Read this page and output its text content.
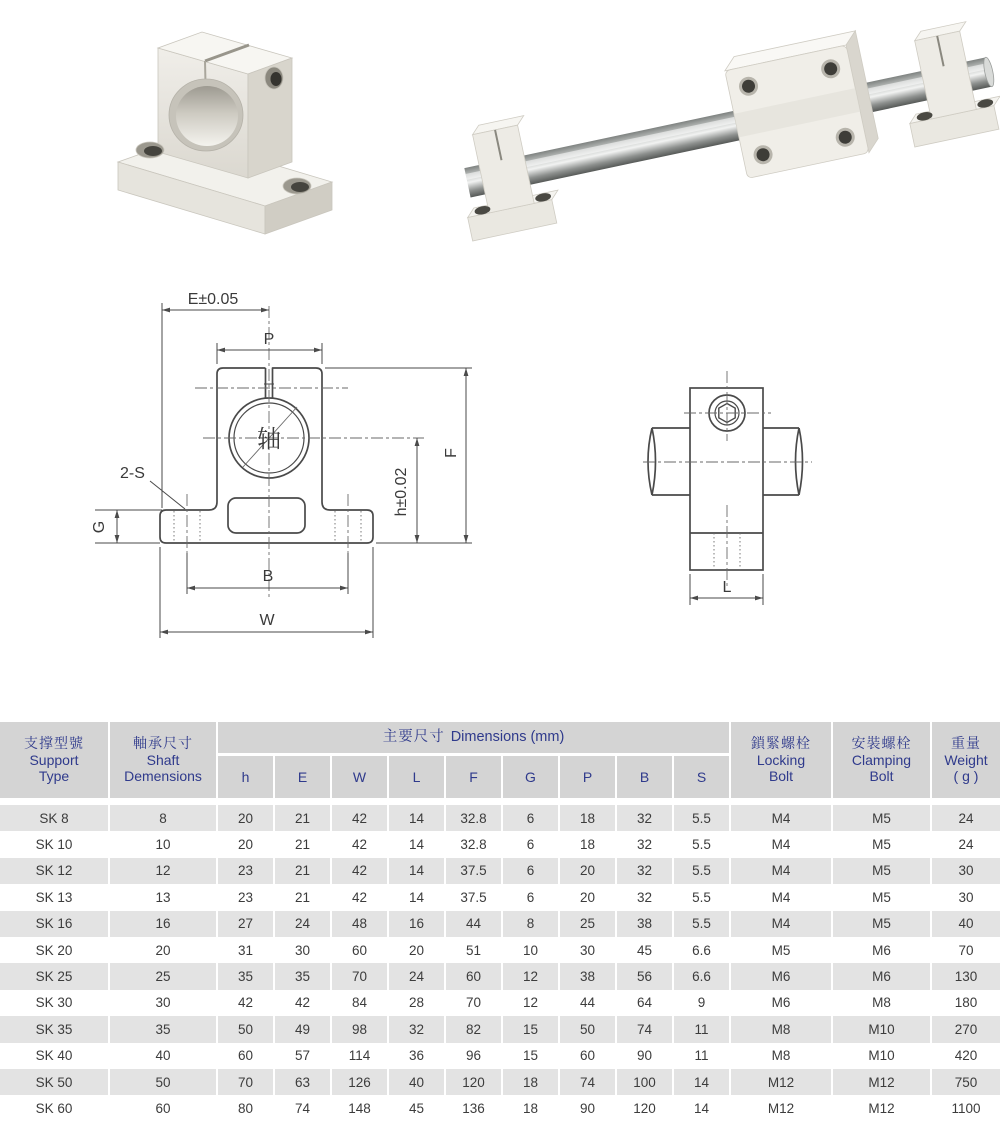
E±0.05
P
轴
2-S
G
B
W
F
h±0.02
L
支撑型號
Support
Type
軸承尺寸
Shaft
Demensions
主要尺寸 Dimensions (mm)
h	E	W	L	F	G	P	B	S
鎖緊螺栓
Locking
Bolt
安裝螺栓
Clamping
Bolt
重量
Weight
( g )
SK 8	8	20	21	42	14	32.8	6	18	32	5.5	M4	M5	24
SK 10	10	20	21	42	14	32.8	6	18	32	5.5	M4	M5	24
SK 12	12	23	21	42	14	37.5	6	20	32	5.5	M4	M5	30
SK 13	13	23	21	42	14	37.5	6	20	32	5.5	M4	M5	30
SK 16	16	27	24	48	16	44	8	25	38	5.5	M4	M5	40
SK 20	20	31	30	60	20	51	10	30	45	6.6	M5	M6	70
SK 25	25	35	35	70	24	60	12	38	56	6.6	M6	M6	130
SK 30	30	42	42	84	28	70	12	44	64	9	M6	M8	180
SK 35	35	50	49	98	32	82	15	50	74	11	M8	M10	270
SK 40	40	60	57	114	36	96	15	60	90	11	M8	M10	420
SK 50	50	70	63	126	40	120	18	74	100	14	M12	M12	750
SK 60	60	80	74	148	45	136	18	90	120	14	M12	M12	1100
